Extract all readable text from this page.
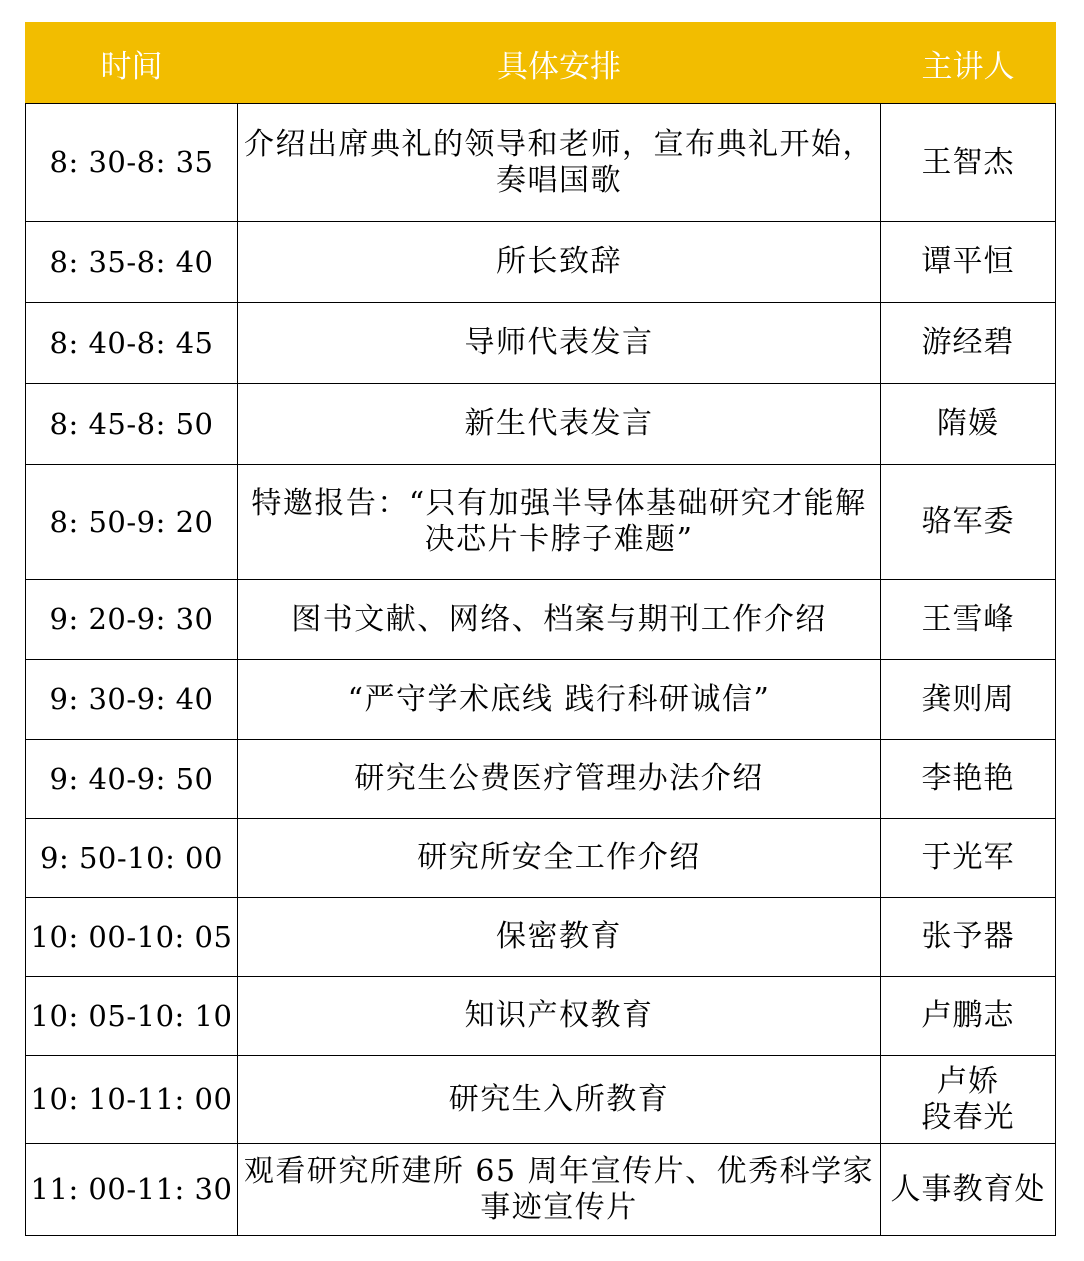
时间	具体安排	主讲人
8: 30-8: 35	介绍出席典礼的领导和老师，宣布典礼开始，
奏唱国歌	王智杰

8: 35-8: 40	所长致辞	谭平恒

8: 40-8: 45	导师代表发言	游经碧

8: 45-8: 50	新生代表发言	隋媛

8: 50-9: 20	特邀报告：“只有加强半导体基础研究才能解
决芯片卡脖子难题”	骆军委

9: 20-9: 30	图书文献、网络、档案与期刊工作介绍	王雪峰

9: 30-9: 40	“严守学术底线 践行科研诚信”	龚则周

9: 40-9: 50	研究生公费医疗管理办法介绍	李艳艳

9: 50-10: 00	研究所安全工作介绍	于光军

10: 00-10: 05	保密教育	张予器

10: 05-10: 10	知识产权教育	卢鹏志

10: 10-11: 00	研究生入所教育	卢娇
段春光

11: 00-11: 30	观看研究所建所 65 周年宣传片、优秀科学家
事迹宣传片	人事教育处
